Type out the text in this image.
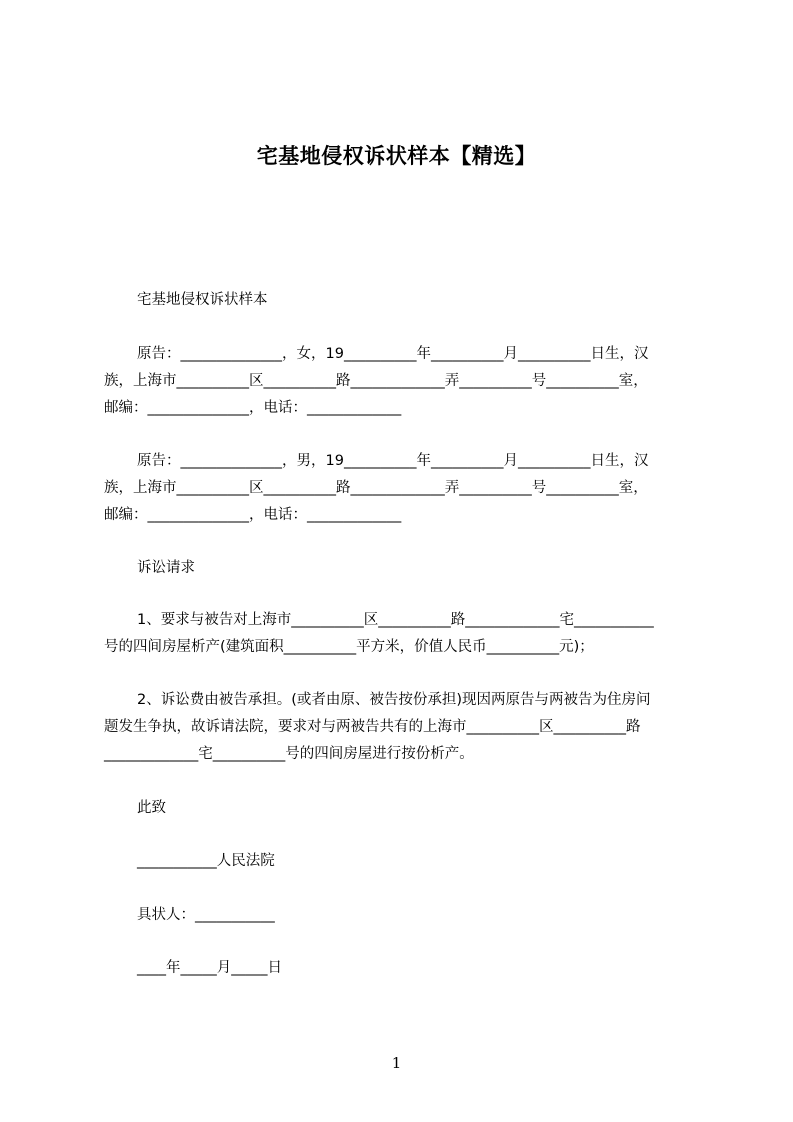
宅基地侵权诉状样本【精选】
宅基地侵权诉状样本
原告：______________，女，19__________年__________月__________日生，汉
族，上海市__________区__________路_____________弄__________号__________室，
邮编：______________，电话：_____________
原告：______________，男，19__________年__________月__________日生，汉
族，上海市__________区__________路_____________弄__________号__________室，
邮编：______________，电话：_____________
诉讼请求
1、要求与被告对上海市__________区__________路_____________宅___________
号的四间房屋析产(建筑面积__________平方米，价值人民币__________元)；
2、诉讼费由被告承担。(或者由原、被告按份承担)现因两原告与两被告为住房问
题发生争执，故诉请法院，要求对与两被告共有的上海市__________区__________路
_____________宅__________号的四间房屋进行按份析产。
此致
___________人民法院
具状人：___________
____年_____月_____日
1
